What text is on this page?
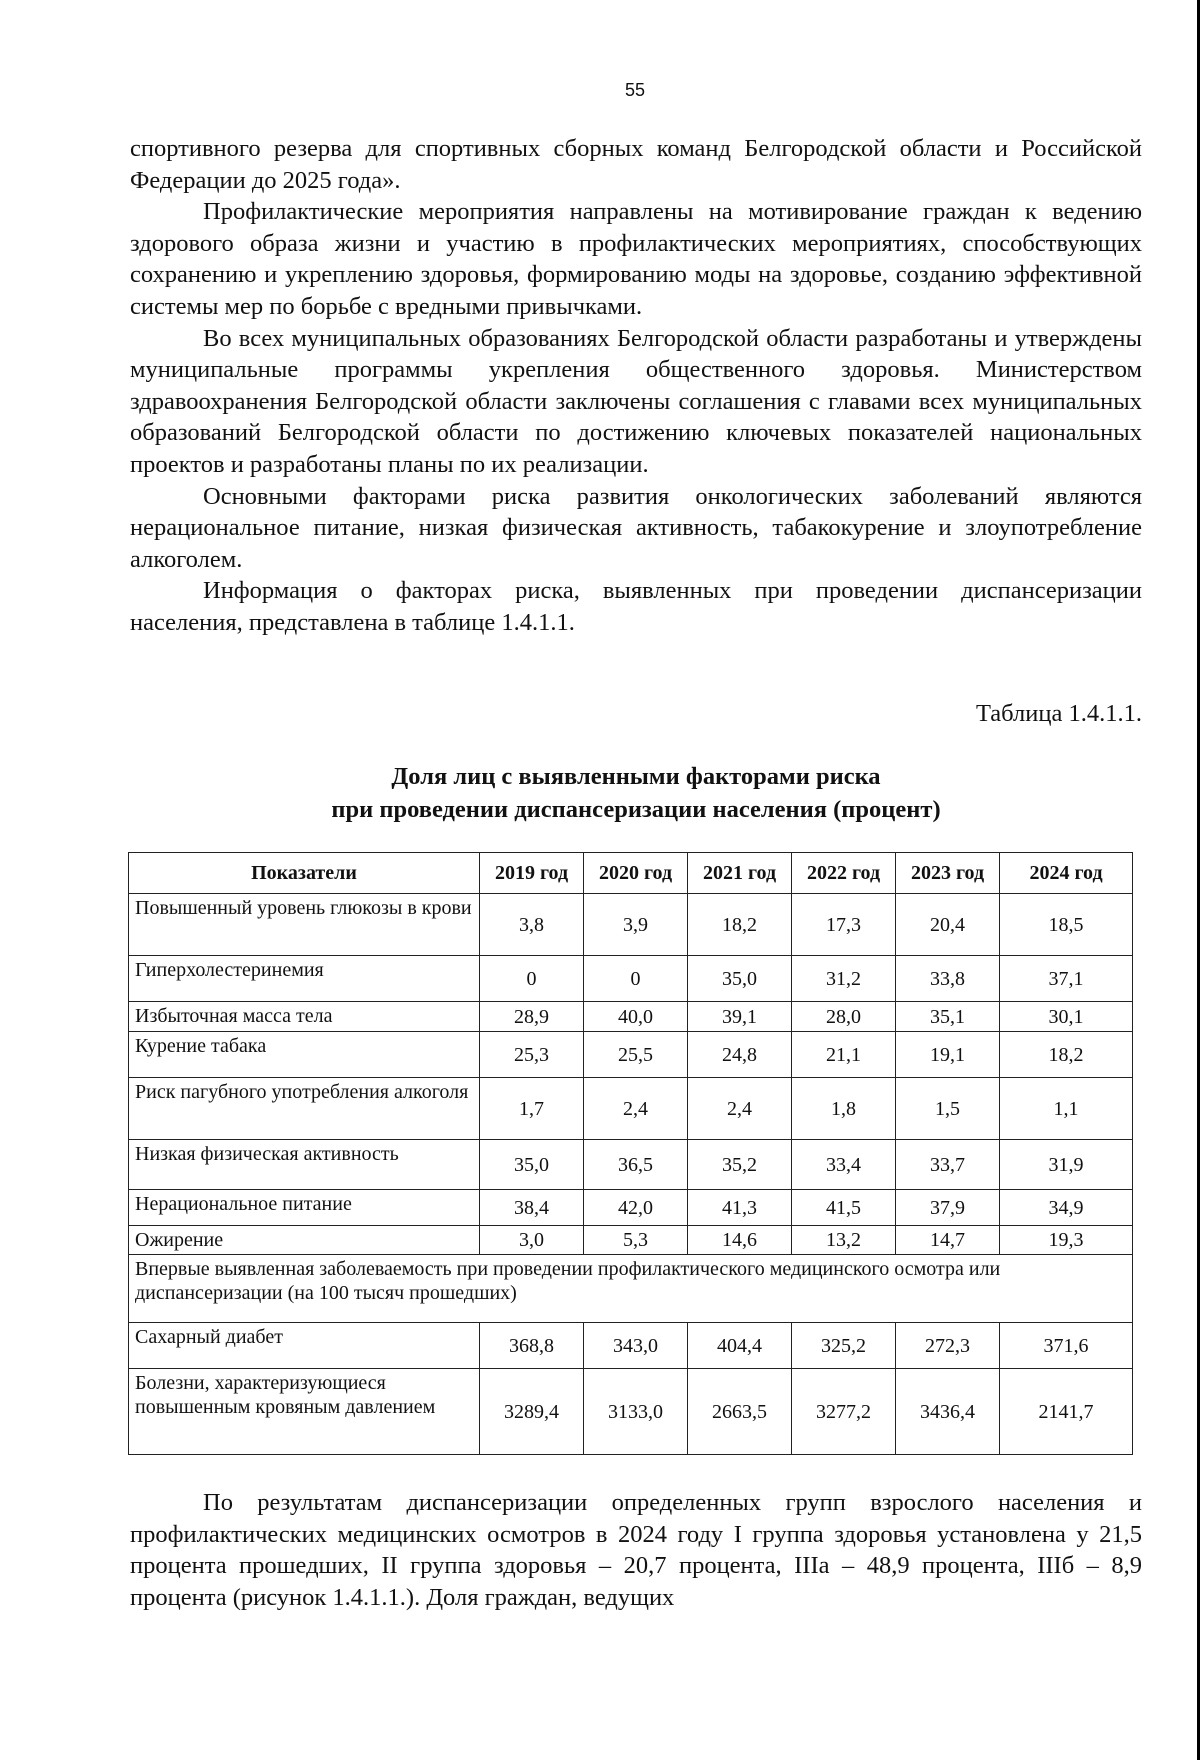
55

спортивного резерва для спортивных сборных команд Белгородской области и Российской Федерации до 2025 года».

Профилактические мероприятия направлены на мотивирование граждан к ведению здорового образа жизни и участию в профилактических мероприятиях, способствующих сохранению и укреплению здоровья, формированию моды на здоровье, созданию эффективной системы мер по борьбе с вредными привычками.

Во всех муниципальных образованиях Белгородской области разработаны и утверждены муниципальные программы укрепления общественного здоровья. Министерством здравоохранения Белгородской области заключены соглашения с главами всех муниципальных образований Белгородской области по достижению ключевых показателей национальных проектов и разработаны планы по их реализации.

Основными факторами риска развития онкологических заболеваний являются нерациональное питание, низкая физическая активность, табакокурение и злоупотребление алкоголем.

Информация о факторах риска, выявленных при проведении диспансеризации населения, представлена в таблице 1.4.1.1.

Таблица 1.4.1.1.
Доля лиц с выявленными факторами риска
при проведении диспансеризации населения (процент)
Показатели	2019 год	2020 год	2021 год	2022 год	2023 год	2024 год
Повышенный уровень глюкозы в крови	3,8	3,9	18,2	17,3	20,4	18,5
Гиперхолестеринемия	0	0	35,0	31,2	33,8	37,1
Избыточная масса тела	28,9	40,0	39,1	28,0	35,1	30,1
Курение табака	25,3	25,5	24,8	21,1	19,1	18,2
Риск пагубного употребления алкоголя	1,7	2,4	2,4	1,8	1,5	1,1
Низкая физическая активность	35,0	36,5	35,2	33,4	33,7	31,9
Нерациональное питание	38,4	42,0	41,3	41,5	37,9	34,9
Ожирение	3,0	5,3	14,6	13,2	14,7	19,3
Впервые выявленная заболеваемость при проведении профилактического медицинского осмотра или диспансеризации (на 100 тысяч прошедших)						
Сахарный диабет	368,8	343,0	404,4	325,2	272,3	371,6
Болезни, характеризующиеся повышенным кровяным давлением	3289,4	3133,0	2663,5	3277,2	3436,4	2141,7

По результатам диспансеризации определенных групп взрослого населения и профилактических медицинских осмотров в 2024 году I группа здоровья установлена у 21,5 процента прошедших, II группа здоровья – 20,7 процента, IIIа – 48,9 процента, IIIб – 8,9 процента (рисунок 1.4.1.1.). Доля граждан, ведущих
